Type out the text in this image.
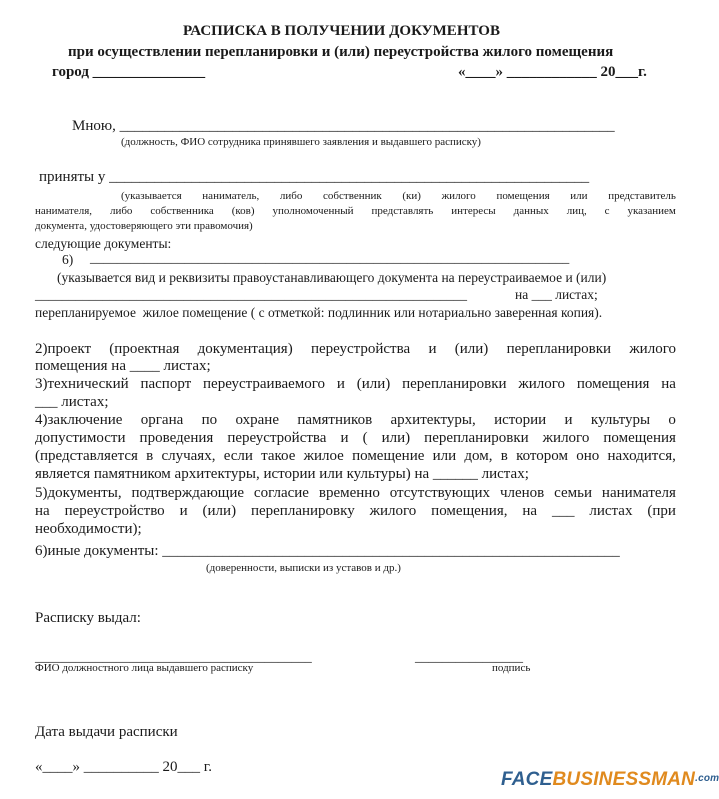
РАСПИСКА В ПОЛУЧЕНИИ ДОКУМЕНТОВ
при осуществлении перепланировки и (или) переустройства жилого помещения
город _______________	«____» ____________ 20___г.
Мною, __________________________________________________________________
(должность, ФИО сотрудника принявшего заявления и выдавшего расписку)
приняты у ________________________________________________________________
(указывается наниматель, либо собственник (ки) жилого помещения или представитель
нанимателя, либо собственника (ков) уполномоченный представлять интересы данных лиц, с указанием
документа, удостоверяющего эти правомочия)
следующие документы:
6) _______________________________________________________________________
(указывается вид и реквизиты правоустанавливающего документа на переустраиваемое и (или)
________________________________________________________________	на ___ листах;
перепланируемое  жилое помещение ( с отметкой: подлинник или нотариально заверенная копия).
2)проект (проектная документация) переустройства и (или) перепланировки жилого
помещения на ____ листах;
3)технический паспорт переустраиваемого и (или) перепланировки жилого помещения на
___ листах;
4)заключение органа по охране памятников архитектуры, истории и культуры о
допустимости проведения переустройства и ( или) перепланировки жилого помещения
(представляется в случаях, если такое жилое помещение или дом, в котором оно находится,
является памятником архитектуры, истории или культуры) на ______ листах;
5)документы, подтверждающие согласие временно отсутствующих членов семьи нанимателя
на переустройство и (или) перепланировку жилого помещения, на ___ листах (при
необходимости);
6)иные документы: _____________________________________________________________
(доверенности, выписки из уставов и др.)
Расписку выдал:
_________________________________________
ФИО должностного лица выдавшего расписку
________________
подпись
Дата выдачи расписки
«____» __________ 20___ г.
FACE BUSINESSMAN .com
